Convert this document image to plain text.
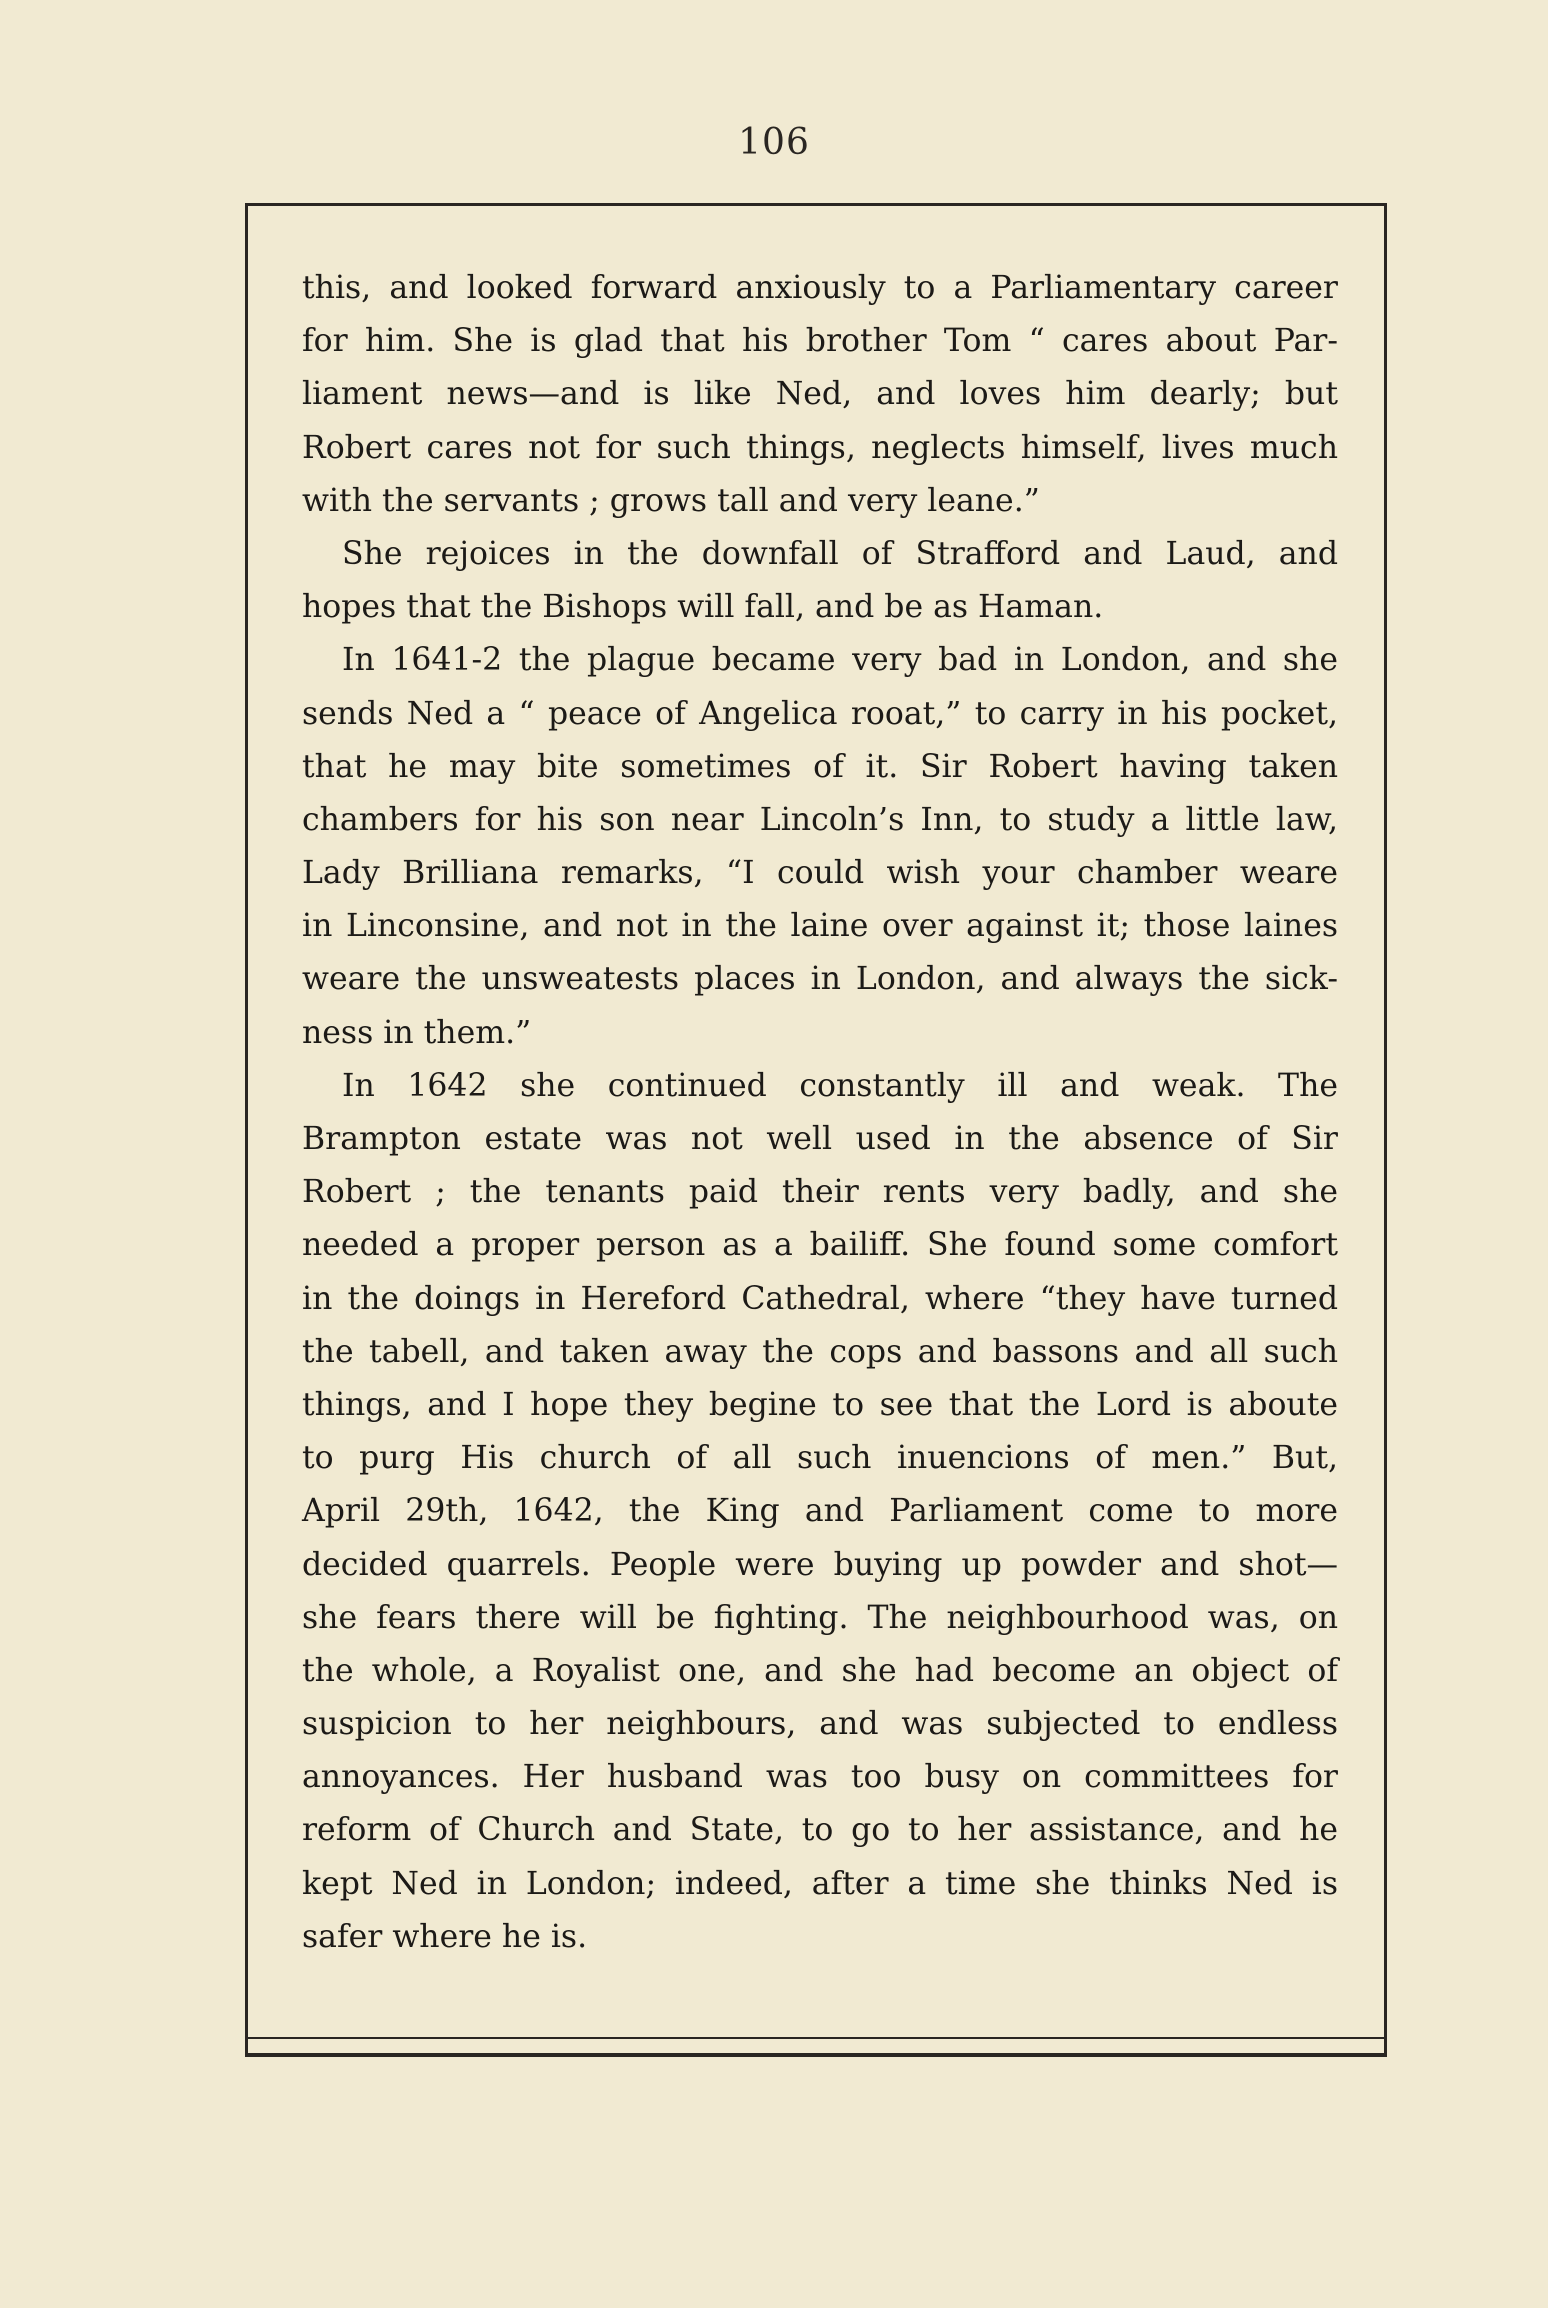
106
this, and looked forward anxiously to a Parliamentary career
for him. She is glad that his brother Tom “ cares about Par-
liament news—and is like Ned, and loves him dearly; but
Robert cares not for such things, neglects himself, lives much
with the servants ; grows tall and very leane.”
She rejoices in the downfall of Strafford and Laud, and
hopes that the Bishops will fall, and be as Haman.
In 1641-2 the plague became very bad in London, and she
sends Ned a “ peace of Angelica rooat,” to carry in his pocket,
that he may bite sometimes of it. Sir Robert having taken
chambers for his son near Lincoln’s Inn, to study a little law,
Lady Brilliana remarks, “I could wish your chamber weare
in Linconsine, and not in the laine over against it; those laines
weare the unsweatests places in London, and always the sick-
ness in them.”
In 1642 she continued constantly ill and weak. The
Brampton estate was not well used in the absence of Sir
Robert ; the tenants paid their rents very badly, and she
needed a proper person as a bailiff. She found some comfort
in the doings in Hereford Cathedral, where “they have turned
the tabell, and taken away the cops and bassons and all such
things, and I hope they begine to see that the Lord is aboute
to purg His church of all such inuencions of men.” But,
April 29th, 1642, the King and Parliament come to more
decided quarrels. People were buying up powder and shot—
she fears there will be fighting. The neighbourhood was, on
the whole, a Royalist one, and she had become an object of
suspicion to her neighbours, and was subjected to endless
annoyances. Her husband was too busy on committees for
reform of Church and State, to go to her assistance, and he
kept Ned in London; indeed, after a time she thinks Ned is
safer where he is.
